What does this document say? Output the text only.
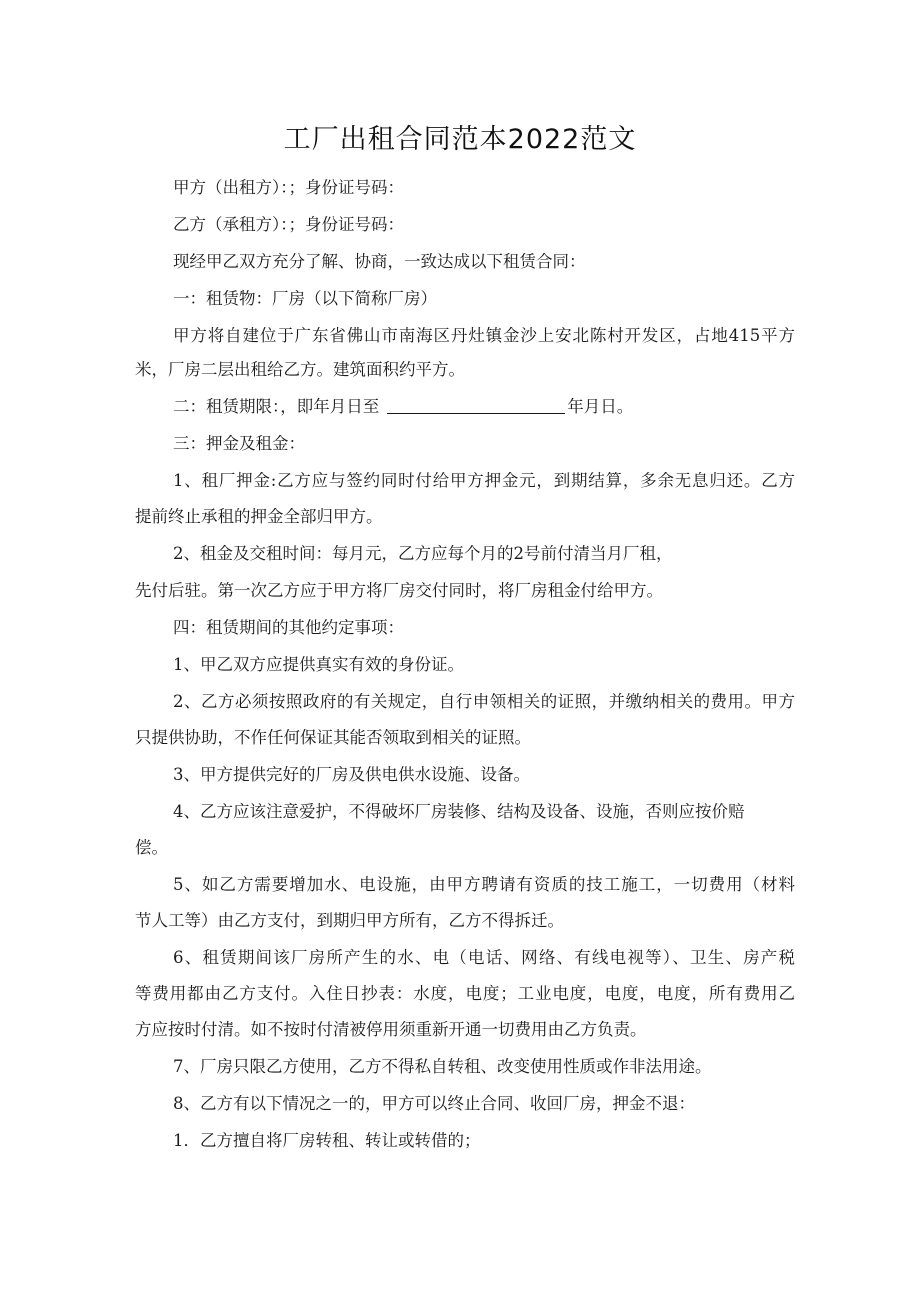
工厂出租合同范本2022范文
甲方（出租方）：；身份证号码：
乙方（承租方）：；身份证号码：
现经甲乙双方充分了解、协商，一致达成以下租赁合同：
一：租赁物：厂房（以下简称厂房）
甲方将自建位于广东省佛山市南海区丹灶镇金沙上安北陈村开发区，占地415平方
米，厂房二层出租给乙方。建筑面积约平方。
二：租赁期限：，即年月日至	年月日。
三：押金及租金：
1、租厂押金:乙方应与签约同时付给甲方押金元，到期结算，多余无息归还。乙方
提前终止承租的押金全部归甲方。
2、租金及交租时间：每月元，乙方应每个月的2号前付清当月厂租，
先付后驻。第一次乙方应于甲方将厂房交付同时，将厂房租金付给甲方。
四：租赁期间的其他约定事项：
1、甲乙双方应提供真实有效的身份证。
2、乙方必须按照政府的有关规定，自行申领相关的证照，并缴纳相关的费用。甲方
只提供协助，不作任何保证其能否领取到相关的证照。
3、甲方提供完好的厂房及供电供水设施、设备。
4、乙方应该注意爱护，不得破坏厂房装修、结构及设备、设施，否则应按价赔
偿。
5、如乙方需要增加水、电设施，由甲方聘请有资质的技工施工，一切费用（材料
节人工等）由乙方支付，到期归甲方所有，乙方不得拆迁。
6、租赁期间该厂房所产生的水、电（电话、网络、有线电视等）、卫生、房产税
等费用都由乙方支付。入住日抄表：水度，电度；工业电度，电度，电度，所有费用乙
方应按时付清。如不按时付清被停用须重新开通一切费用由乙方负责。
7、厂房只限乙方使用，乙方不得私自转租、改变使用性质或作非法用途。
8、乙方有以下情况之一的，甲方可以终止合同、收回厂房，押金不退：
1．乙方擅自将厂房转租、转让或转借的；
